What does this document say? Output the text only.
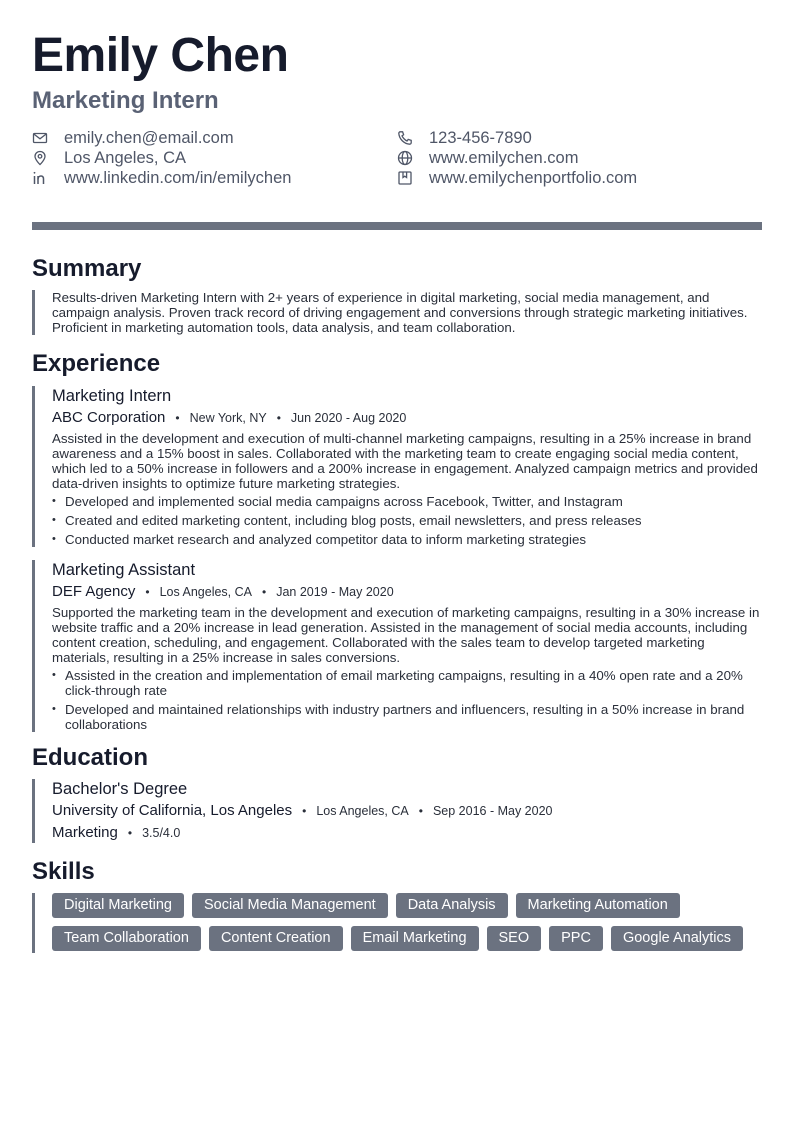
Emily Chen
Marketing Intern
emily.chen@email.com	123-456-7890
Los Angeles, CA	www.emilychen.com
www.linkedin.com/in/emilychen	www.emilychenportfolio.com
Summary
Results-driven Marketing Intern with 2+ years of experience in digital marketing, social media management, and campaign analysis. Proven track record of driving engagement and conversions through strategic marketing initiatives. Proficient in marketing automation tools, data analysis, and team collaboration.
Experience
Marketing Intern
ABC Corporation • New York, NY • Jun 2020 - Aug 2020
Assisted in the development and execution of multi-channel marketing campaigns, resulting in a 25% increase in brand awareness and a 15% boost in sales. Collaborated with the marketing team to create engaging social media content, which led to a 50% increase in followers and a 200% increase in engagement. Analyzed campaign metrics and provided data-driven insights to optimize future marketing strategies.
• Developed and implemented social media campaigns across Facebook, Twitter, and Instagram
• Created and edited marketing content, including blog posts, email newsletters, and press releases
• Conducted market research and analyzed competitor data to inform marketing strategies
Marketing Assistant
DEF Agency • Los Angeles, CA • Jan 2019 - May 2020
Supported the marketing team in the development and execution of marketing campaigns, resulting in a 30% increase in website traffic and a 20% increase in lead generation. Assisted in the management of social media accounts, including content creation, scheduling, and engagement. Collaborated with the sales team to develop targeted marketing materials, resulting in a 25% increase in sales conversions.
• Assisted in the creation and implementation of email marketing campaigns, resulting in a 40% open rate and a 20% click-through rate
• Developed and maintained relationships with industry partners and influencers, resulting in a 50% increase in brand collaborations
Education
Bachelor's Degree
University of California, Los Angeles • Los Angeles, CA • Sep 2016 - May 2020
Marketing • 3.5/4.0
Skills
Digital Marketing	Social Media Management	Data Analysis	Marketing Automation
Team Collaboration	Content Creation	Email Marketing	SEO	PPC	Google Analytics
